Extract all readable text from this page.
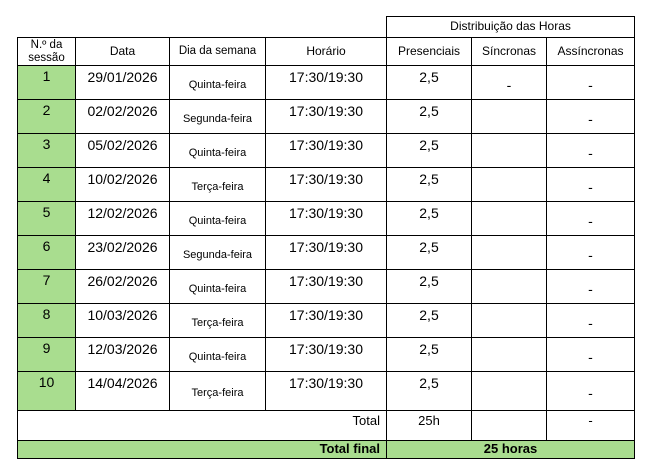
				Distribuição das Horas		
N.º da sessão	Data	Dia da semana	Horário	Presenciais	Síncronas	Assíncronas
1	29/01/2026	Quinta-feira	17:30/19:30	2,5	-	-
2	02/02/2026	Segunda-feira	17:30/19:30	2,5		-
3	05/02/2026	Quinta-feira	17:30/19:30	2,5		-
4	10/02/2026	Terça-feira	17:30/19:30	2,5		-
5	12/02/2026	Quinta-feira	17:30/19:30	2,5		-
6	23/02/2026	Segunda-feira	17:30/19:30	2,5		-
7	26/02/2026	Quinta-feira	17:30/19:30	2,5		-
8	10/03/2026	Terça-feira	17:30/19:30	2,5		-
9	12/03/2026	Quinta-feira	17:30/19:30	2,5		-
10	14/04/2026	Terça-feira	17:30/19:30	2,5		-
Total				25h		-
Total final				25 horas		
